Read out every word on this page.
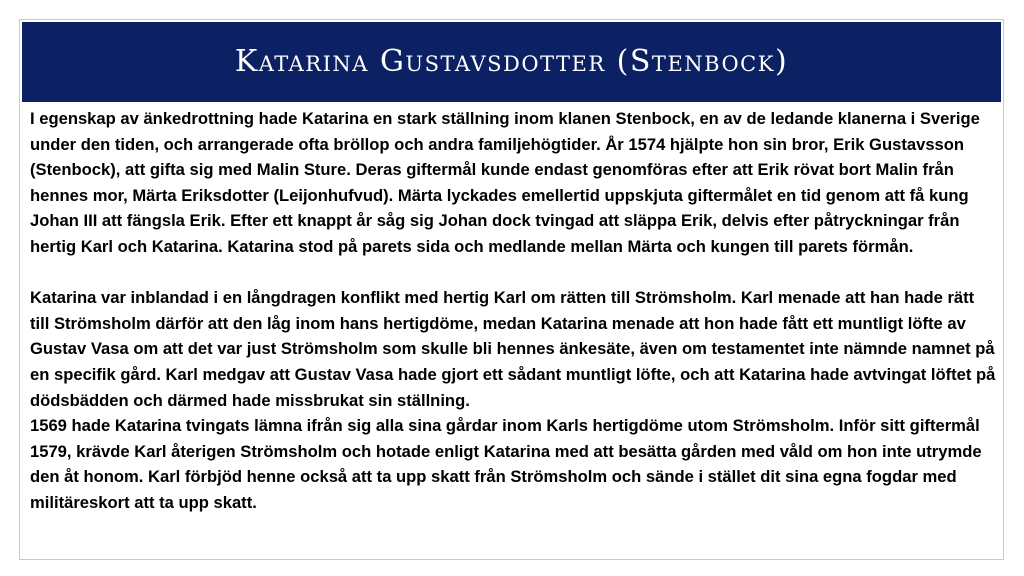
Katarina Gustavsdotter (Stenbock)

I egenskap av änkedrottning hade Katarina en stark ställning inom klanen Stenbock, en av de ledande klanerna i Sverige under den tiden, och arrangerade ofta bröllop och andra familjehögtider. År 1574 hjälpte hon sin bror, Erik Gustavsson (Stenbock), att gifta sig med Malin Sture. Deras giftermål kunde endast genomföras efter att Erik rövat bort Malin från hennes mor, Märta Eriksdotter (Leijonhufvud). Märta lyckades emellertid uppskjuta giftermålet en tid genom att få kung Johan III att fängsla Erik. Efter ett knappt år såg sig Johan dock tvingad att släppa Erik, delvis efter påtryckningar från hertig Karl och Katarina. Katarina stod på parets sida och medlande mellan Märta och kungen till parets förmån.

Katarina var inblandad i en långdragen konflikt med hertig Karl om rätten till Strömsholm. Karl menade att han hade rätt till Strömsholm därför att den låg inom hans hertigdöme, medan Katarina menade att hon hade fått ett muntligt löfte av Gustav Vasa om att det var just Strömsholm som skulle bli hennes änkesäte, även om testamentet inte nämnde namnet på en specifik gård. Karl medgav att Gustav Vasa hade gjort ett sådant muntligt löfte, och att Katarina hade avtvingat löftet på dödsbädden och därmed hade missbrukat sin ställning.

1569 hade Katarina tvingats lämna ifrån sig alla sina gårdar inom Karls hertigdöme utom Strömsholm. Inför sitt giftermål 1579, krävde Karl återigen Strömsholm och hotade enligt Katarina med att besätta gården med våld om hon inte utrymde den åt honom. Karl förbjöd henne också att ta upp skatt från Strömsholm och sände i stället dit sina egna fogdar med militäreskort att ta upp skatt.
